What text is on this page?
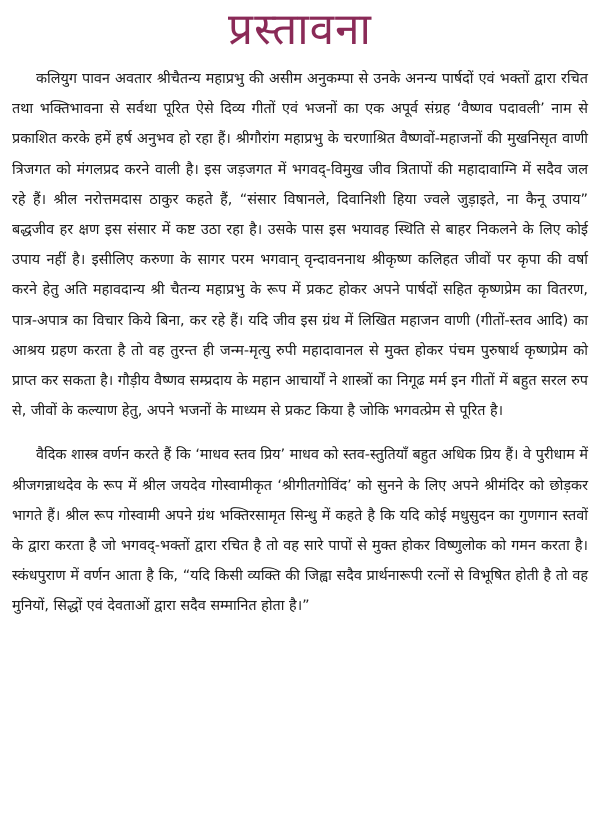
प्रस्तावना

कलियुग पावन अवतार श्रीचैतन्य महाप्रभु की असीम अनुकम्पा से उनके अनन्य पार्षदों एवं भक्तों द्वारा रचित तथा भक्तिभावना से सर्वथा पूरित ऐसे दिव्य गीतों एवं भजनों का एक अपूर्व संग्रह ‘वैष्णव पदावली’ नाम से प्रकाशित करके हमें हर्ष अनुभव हो रहा हैं। श्रीगौरांग महाप्रभु के चरणाश्रित वैष्णवों-महाजनों की मुखनिसृत वाणी त्रिजगत को मंगलप्रद करने वाली है। इस जड़जगत में भगवद्-विमुख जीव त्रितापों की महादावाग्नि में सदैव जल रहे हैं। श्रील नरोत्तमदास ठाकुर कहते हैं, “संसार विषानले, दिवानिशी हिया ज्वले जुड़ाइते, ना कैनू उपाय” बद्धजीव हर क्षण इस संसार में कष्ट उठा रहा है। उसके पास इस भयावह स्थिति से बाहर निकलने के लिए कोई उपाय नहीं है। इसीलिए करुणा के सागर परम भगवान् वृन्दावननाथ श्रीकृष्ण कलिहत जीवों पर कृपा की वर्षा करने हेतु अति महावदान्य श्री चैतन्य महाप्रभु के रूप में प्रकट होकर अपने पार्षदों सहित कृष्णप्रेम का वितरण, पात्र-अपात्र का विचार किये बिना, कर रहे हैं। यदि जीव इस ग्रंथ में लिखित महाजन वाणी (गीतों-स्तव आदि) का आश्रय ग्रहण करता है तो वह तुरन्त ही जन्म-मृत्यु रुपी महादावानल से मुक्त होकर पंचम पुरुषार्थ कृष्णप्रेम को प्राप्त कर सकता है। गौड़ीय वैष्णव सम्प्रदाय के महान आचार्यों ने शास्त्रों का निगूढ मर्म इन गीतों में बहुत सरल रुप से, जीवों के कल्याण हेतु, अपने भजनों के माध्यम से प्रकट किया है जोकि भगवत्प्रेम से पूरित है।

वैदिक शास्त्र वर्णन करते हैं कि ‘माधव स्तव प्रिय’ माधव को स्तव-स्तुतियाँ बहुत अधिक प्रिय हैं। वे पुरीधाम में श्रीजगन्नाथदेव के रूप में श्रील जयदेव गोस्वामीकृत ‘श्रीगीतगोविंद’ को सुनने के लिए अपने श्रीमंदिर को छोड़कर भागते हैं। श्रील रूप गोस्वामी अपने ग्रंथ भक्तिरसामृत सिन्धु में कहते है कि यदि कोई मधुसुदन का गुणगान स्तवों के द्वारा करता है जो भगवद्-भक्तों द्वारा रचित है तो वह सारे पापों से मुक्त होकर विष्णुलोक को गमन करता है। स्कंधपुराण में वर्णन आता है कि, “यदि किसी व्यक्ति की जिह्वा सदैव प्रार्थनारूपी रत्नों से विभूषित होती है तो वह मुनियों, सिद्धों एवं देवताओं द्वारा सदैव सम्मानित होता है।”
